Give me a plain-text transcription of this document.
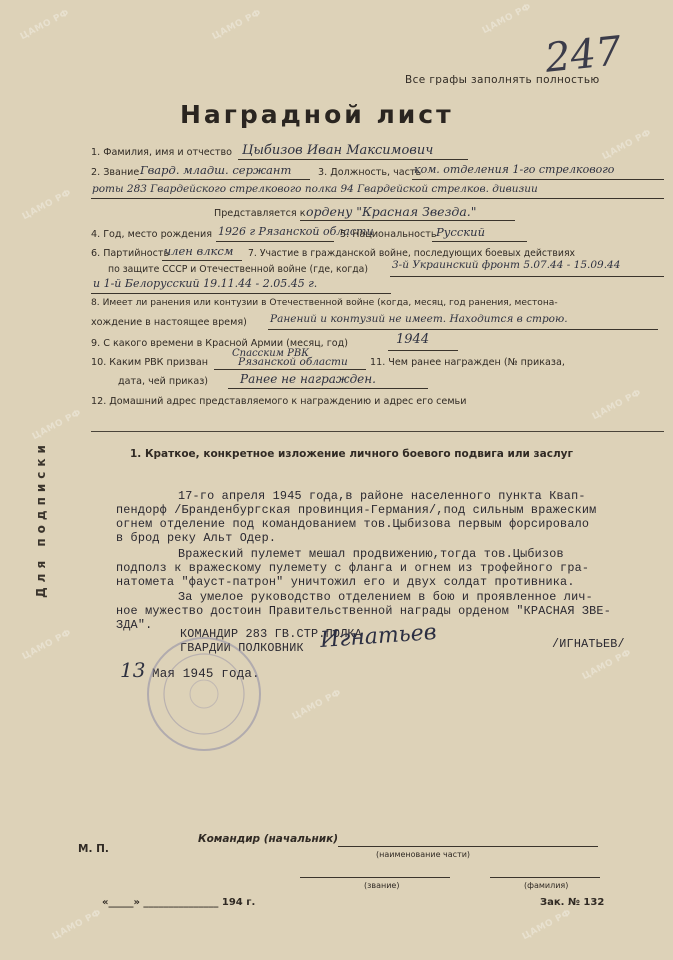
ЦАМО РФ	ЦАМО РФ	ЦАМО РФ
ЦАМО РФ
ЦАМО РФ
ЦАМО РФ
ЦАМО РФ
ЦАМО РФ
ЦАМО РФ
ЦАМО РФ
ЦАМО РФ	ЦАМО РФ
Все графы заполнять полностью
247
Наградной лист
1. Фамилия, имя и отчество Цыбизов Иван Максимович
2. Звание Гвард. младш. сержант	3. Должность, часть
ком. отделения 1-го стрелкового
роты 283 Гвардейского стрелкового полка 94 Гвардейской стрелков. дивизии
Представляется к ордену "Красная Звезда."
4. Год, место рождения 1926 г Рязанской области
5. Национальность Русский
6. Партийность
член влксм 7. Участие в гражданской войне, последующих боевых действиях
по защите СССР и Отечественной войне (где, когда) 3-й Украинский фронт 5.07.44 - 15.09.44
и 1-й Белорусский 19.11.44 - 2.05.45 г.
8. Имеет ли ранения или контузии в Отечественной войне (когда, месяц, год ранения, местона-
хождение в настоящее время) Ранений и контузий не имеет. Находится в строю.
9. С какого времени в Красной Армии (месяц, год)	1944
10. Каким РВК призван
Спасским РВК
Рязанской области 11. Чем ранее награжден (№ приказа,
дата, чей приказ)	Ранее не награжден.
12. Домашний адрес представляемого к награждению и адрес его семьи
Для подписки	1. Краткое, конкретное изложение личного боевого подвига или заслуг
17-го апреля 1945 года,в районе населенного пункта Квап-
пендорф /Бранденбургская провинция-Германия/,под сильным вражеским
огнем отделение под командованием тов.Цыбизова первым форсировало
в брод реку Альт Одер.
Вражеский пулемет мешал продвижению,тогда тов.Цыбизов
подполз к вражескому пулемету с фланга и огнем из трофейного гра-
натомета "фауст-патрон" уничтожил его и двух солдат противника.
За умелое руководство отделением в бою и проявленное лич-
ное мужество достоин Правительственной награды орденом "КРАСНАЯ ЗВЕ-
ЗДА".
КОМАНДИР 283 ГВ.СТР.ПОЛКА
ГВАРДИИ ПОЛКОВНИК Игнатьев	/ИГНАТЬЕВ/
13 Мая 1945 года.
М. П.
Командир (начальник)
(наименование части)
(звание)	(фамилия)
«_____» _______________ 194 г.	Зак. № 132
